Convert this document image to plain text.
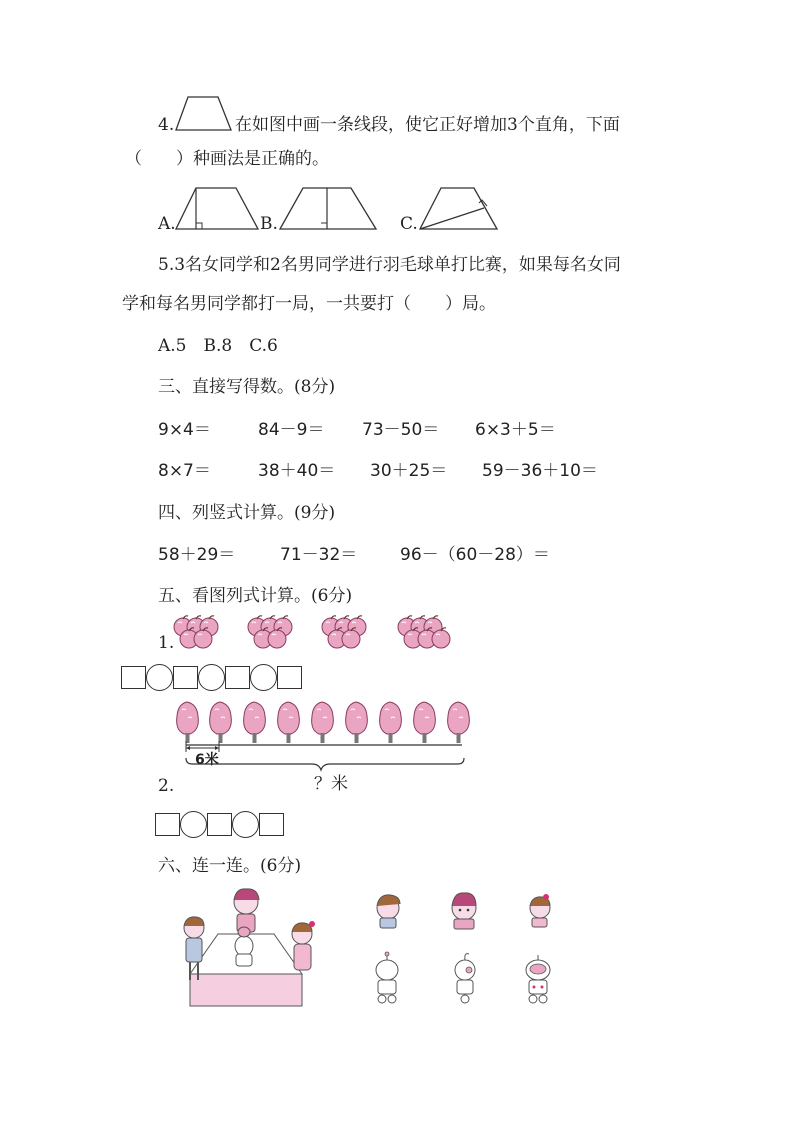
4.	在如图中画一条线段，使它正好增加3个直角，下面
（　　）种画法是正确的。
A.	B.	C.
5.3名女同学和2名男同学进行羽毛球单打比赛，如果每名女同
学和每名男同学都打一局，一共要打（　　）局。
A.5　B.8　C.6
三、直接写得数。(8分)
9×4＝	84－9＝ 73－50＝ 6×3＋5＝
8×7＝	38＋40＝ 30＋25＝ 59－36＋10＝
四、列竖式计算。(9分)
58＋29＝	71－32＝	96－（60－28）＝
五、看图列式计算。(6分)
1.
6米
2.	？米
六、连一连。(6分)
